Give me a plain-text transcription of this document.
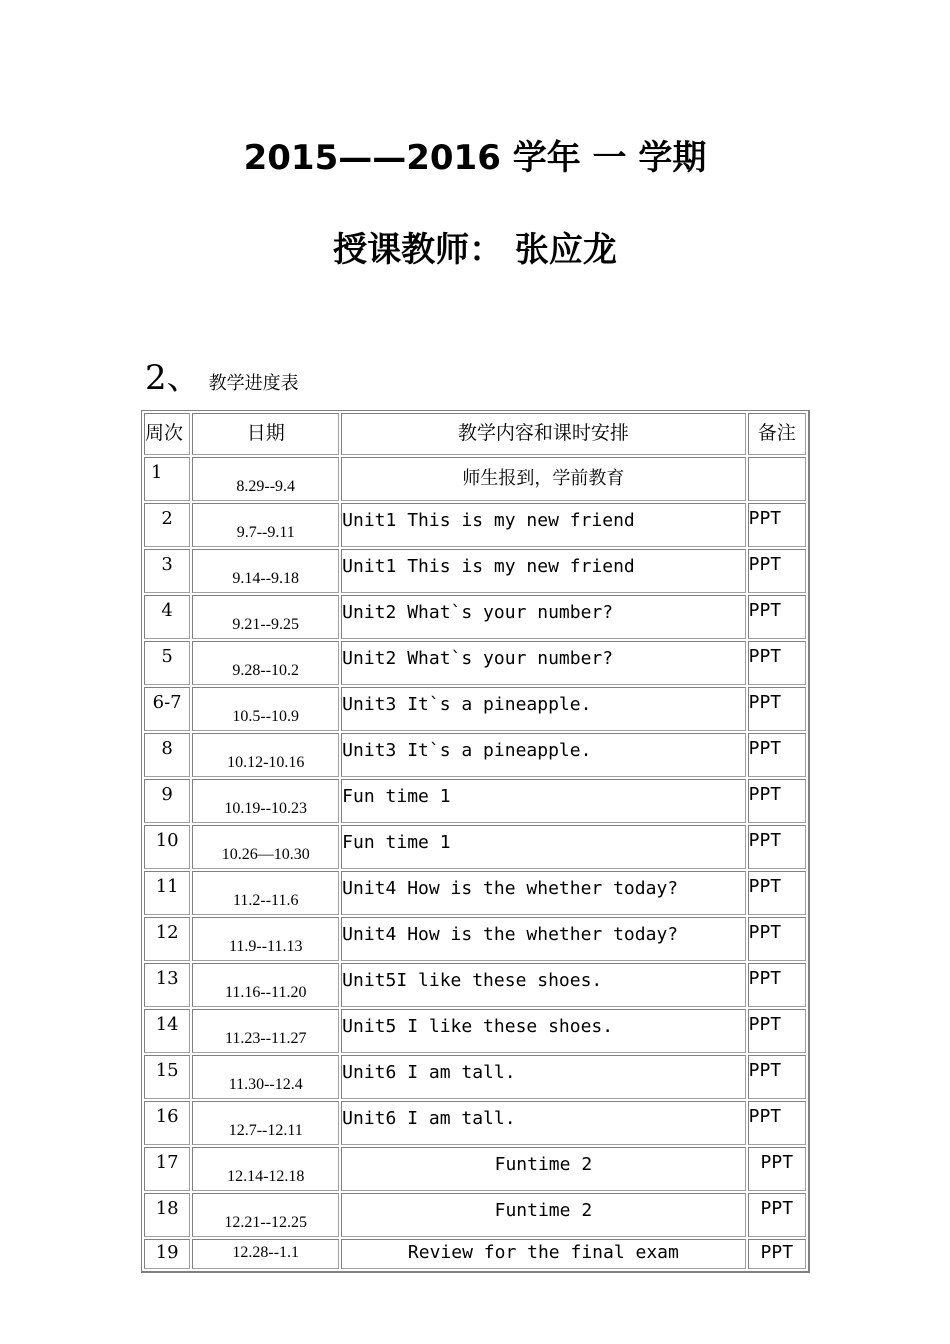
2015——2016 学年 一 学期
授课教师： 张应龙
2、 教学进度表
周次	日期	教学内容和课时安排	备注
1	8.29--9.4	师生报到，学前教育	
2	9.7--9.11	Unit1 This is my new friend	PPT
3	9.14--9.18	Unit1 This is my new friend	PPT
4	9.21--9.25	Unit2 What`s your number?	PPT
5	9.28--10.2	Unit2 What`s your number?	PPT
6-7	10.5--10.9	Unit3 It`s a pineapple.	PPT
8	10.12-10.16	Unit3 It`s a pineapple.	PPT
9	10.19--10.23	Fun time 1	PPT
10	10.26—10.30	Fun time 1	PPT
11	11.2--11.6	Unit4 How is the whether today?	PPT
12	11.9--11.13	Unit4 How is the whether today?	PPT
13	11.16--11.20	Unit5I like these shoes.	PPT
14	11.23--11.27	Unit5 I like these shoes.	PPT
15	11.30--12.4	Unit6 I am tall.	PPT
16	12.7--12.11	Unit6 I am tall.	PPT
17	12.14-12.18	Funtime 2	PPT
18	12.21--12.25	Funtime 2	PPT
19	12.28--1.1	Review for the final exam	PPT
